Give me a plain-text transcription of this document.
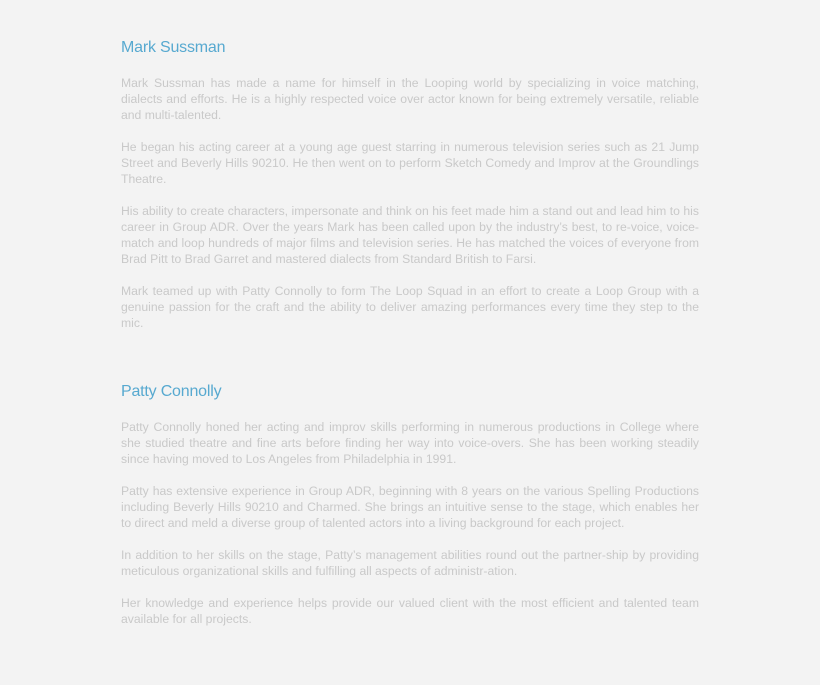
Mark Sussman

Mark Sussman has made a name for himself in the Looping world by specializing in voice matching, dialects and efforts. He is a highly respected voice over actor known for being extremely versatile, reliable and multi-talented.

He began his acting career at a young age guest starring in numerous television series such as 21 Jump Street and Beverly Hills 90210. He then went on to perform Sketch Comedy and Improv at the Groundlings Theatre.

His ability to create characters, impersonate and think on his feet made him a stand out and lead him to his career in Group ADR. Over the years Mark has been called upon by the industry’s best, to re-voice, voice-match and loop hundreds of major films and television series. He has matched the voices of everyone from Brad Pitt to Brad Garret and mastered dialects from Standard British to Farsi.

Mark teamed up with Patty Connolly to form The Loop Squad in an effort to create a Loop Group with a genuine passion for the craft and the ability to deliver amazing performances every time they step to the mic.

Patty Connolly

Patty Connolly honed her acting and improv skills performing in numerous productions in College where she studied theatre and fine arts before finding her way into voice-overs. She has been working steadily since having moved to Los Angeles from Philadelphia in 1991.

Patty has extensive experience in Group ADR, beginning with 8 years on the various Spelling Productions including Beverly Hills 90210 and Charmed. She brings an intuitive sense to the stage, which enables her to direct and meld a diverse group of talented actors into a living background for each project.

In addition to her skills on the stage, Patty’s management abilities round out the partner-ship by providing meticulous organizational skills and fulfilling all aspects of administr-ation.

Her knowledge and experience helps provide our valued client with the most efficient and talented team available for all projects.
